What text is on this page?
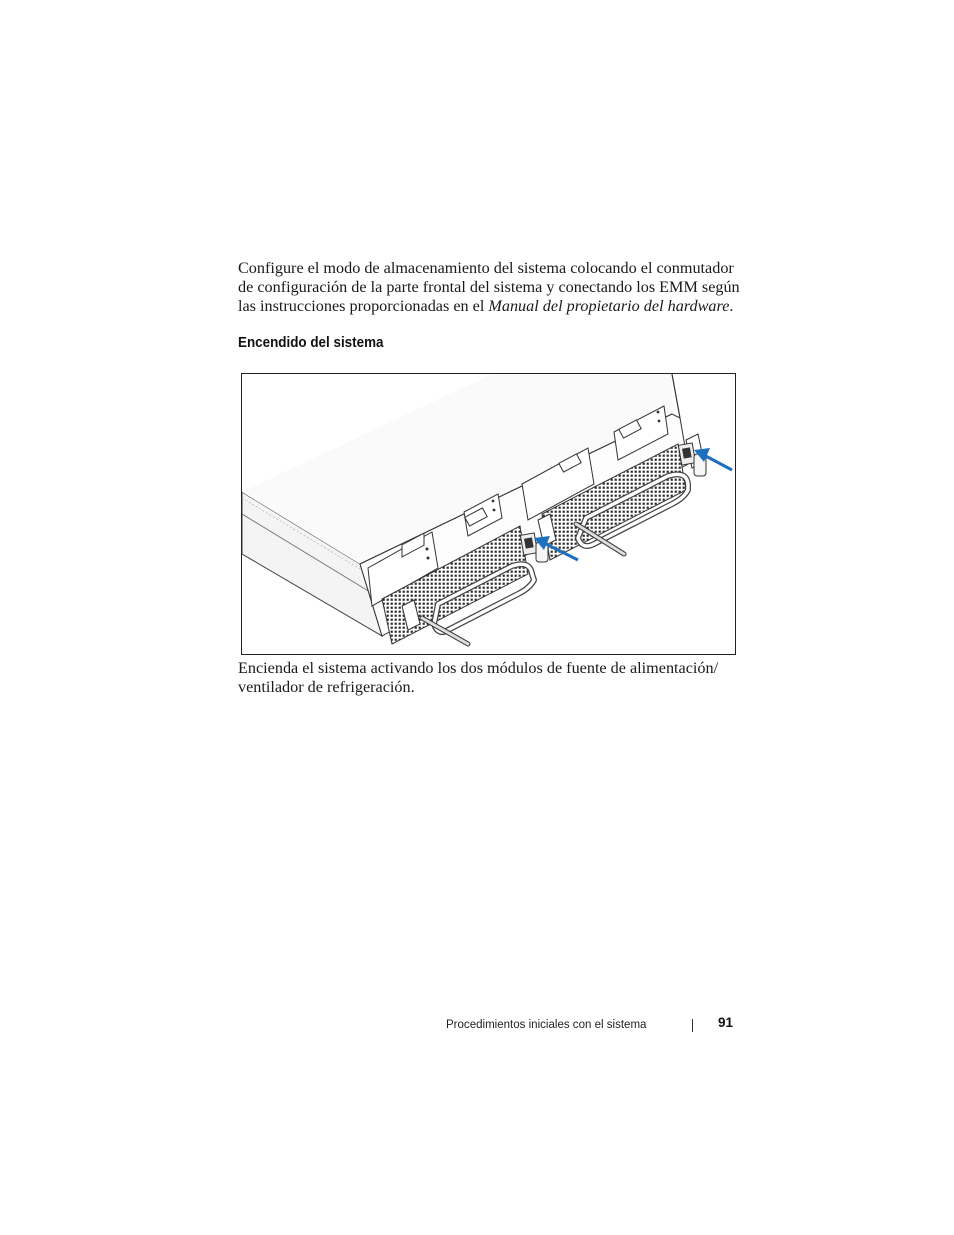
Configure el modo de almacenamiento del sistema colocando el conmutador
de configuración de la parte frontal del sistema y conectando los EMM según
las instrucciones proporcionadas en el Manual del propietario del hardware.

Encendido del sistema

Encienda el sistema activando los dos módulos de fuente de alimentación/
ventilador de refrigeración.

Procedimientos iniciales con el sistema	91
